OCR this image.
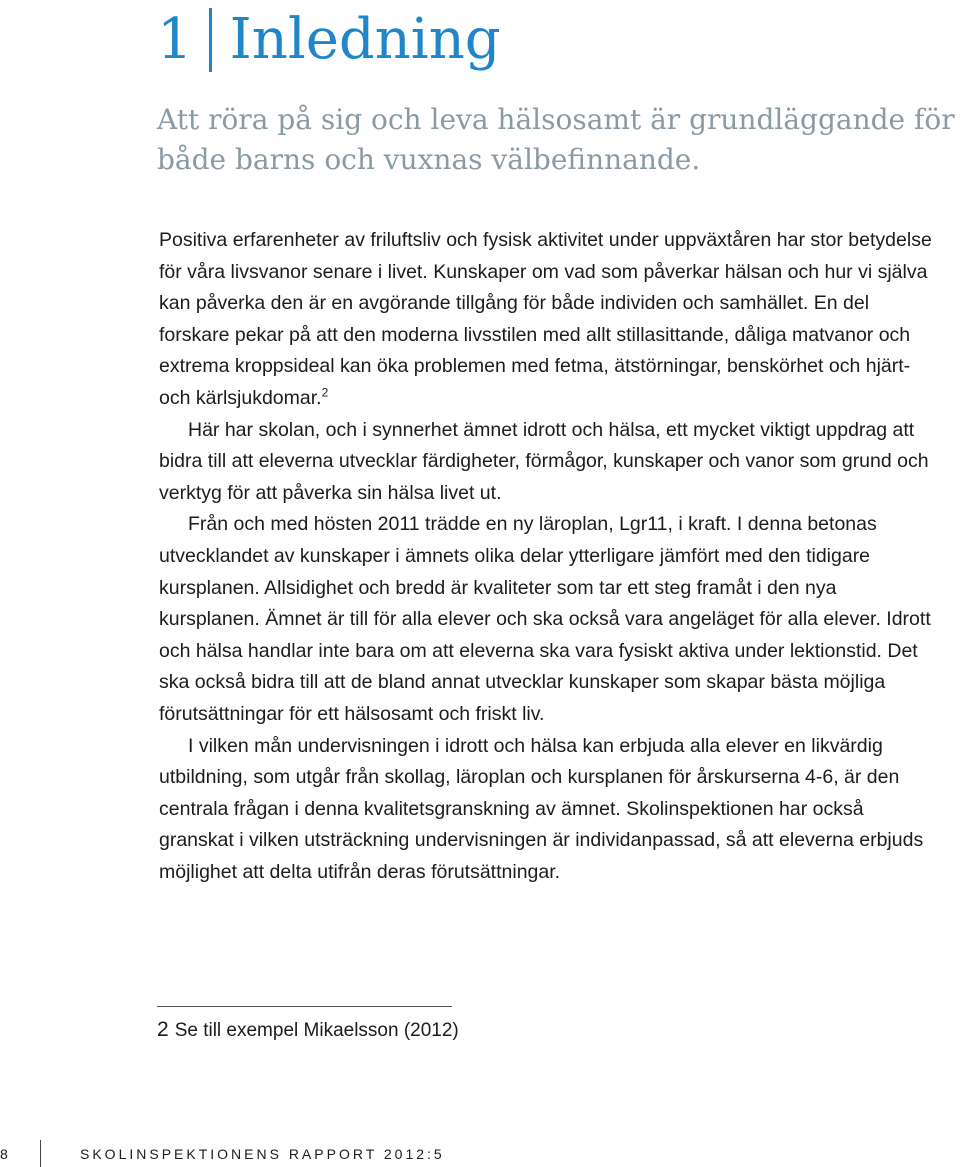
1 Inledning
Att röra på sig och leva hälsosamt är grundläggande för både barns och vuxnas välbefinnande.

Positiva erfarenheter av friluftsliv och fysisk aktivitet under uppväxtåren har stor betydelse för våra livsvanor senare i livet. Kunskaper om vad som påverkar hälsan och hur vi själva kan påverka den är en avgörande tillgång för både individen och samhället. En del forskare pekar på att den moderna livsstilen med allt stillasittande, dåliga matvanor och extrema kroppsideal kan öka problemen med fetma, ätstörningar, benskörhet och hjärt- och kärlsjukdomar.$^2$

Här har skolan, och i synnerhet ämnet idrott och hälsa, ett mycket viktigt uppdrag att bidra till att eleverna utvecklar färdigheter, förmågor, kunskaper och vanor som grund och verktyg för att påverka sin hälsa livet ut.

Från och med hösten 2011 trädde en ny läroplan, Lgr11, i kraft. I denna betonas utvecklandet av kunskaper i ämnets olika delar ytterligare jämfört med den tidigare kursplanen. Allsidighet och bredd är kvaliteter som tar ett steg framåt i den nya kursplanen. Ämnet är till för alla elever och ska också vara angeläget för alla elever. Idrott och hälsa handlar inte bara om att eleverna ska vara fysiskt aktiva under lektionstid. Det ska också bidra till att de bland annat utvecklar kunskaper som skapar bästa möjliga förutsättningar för ett hälsosamt och friskt liv.

I vilken mån undervisningen i idrott och hälsa kan erbjuda alla elever en likvärdig utbildning, som utgår från skollag, läroplan och kursplanen för årskurserna 4-6, är den centrala frågan i denna kvalitetsgranskning av ämnet. Skolinspektionen har också granskat i vilken utsträckning undervisningen är individanpassad, så att eleverna erbjuds möjlighet att delta utifrån deras förutsättningar.

2 Se till exempel Mikaelsson (2012)
8	SKOLINSPEKTIONENS RAPPORT 2012:5
